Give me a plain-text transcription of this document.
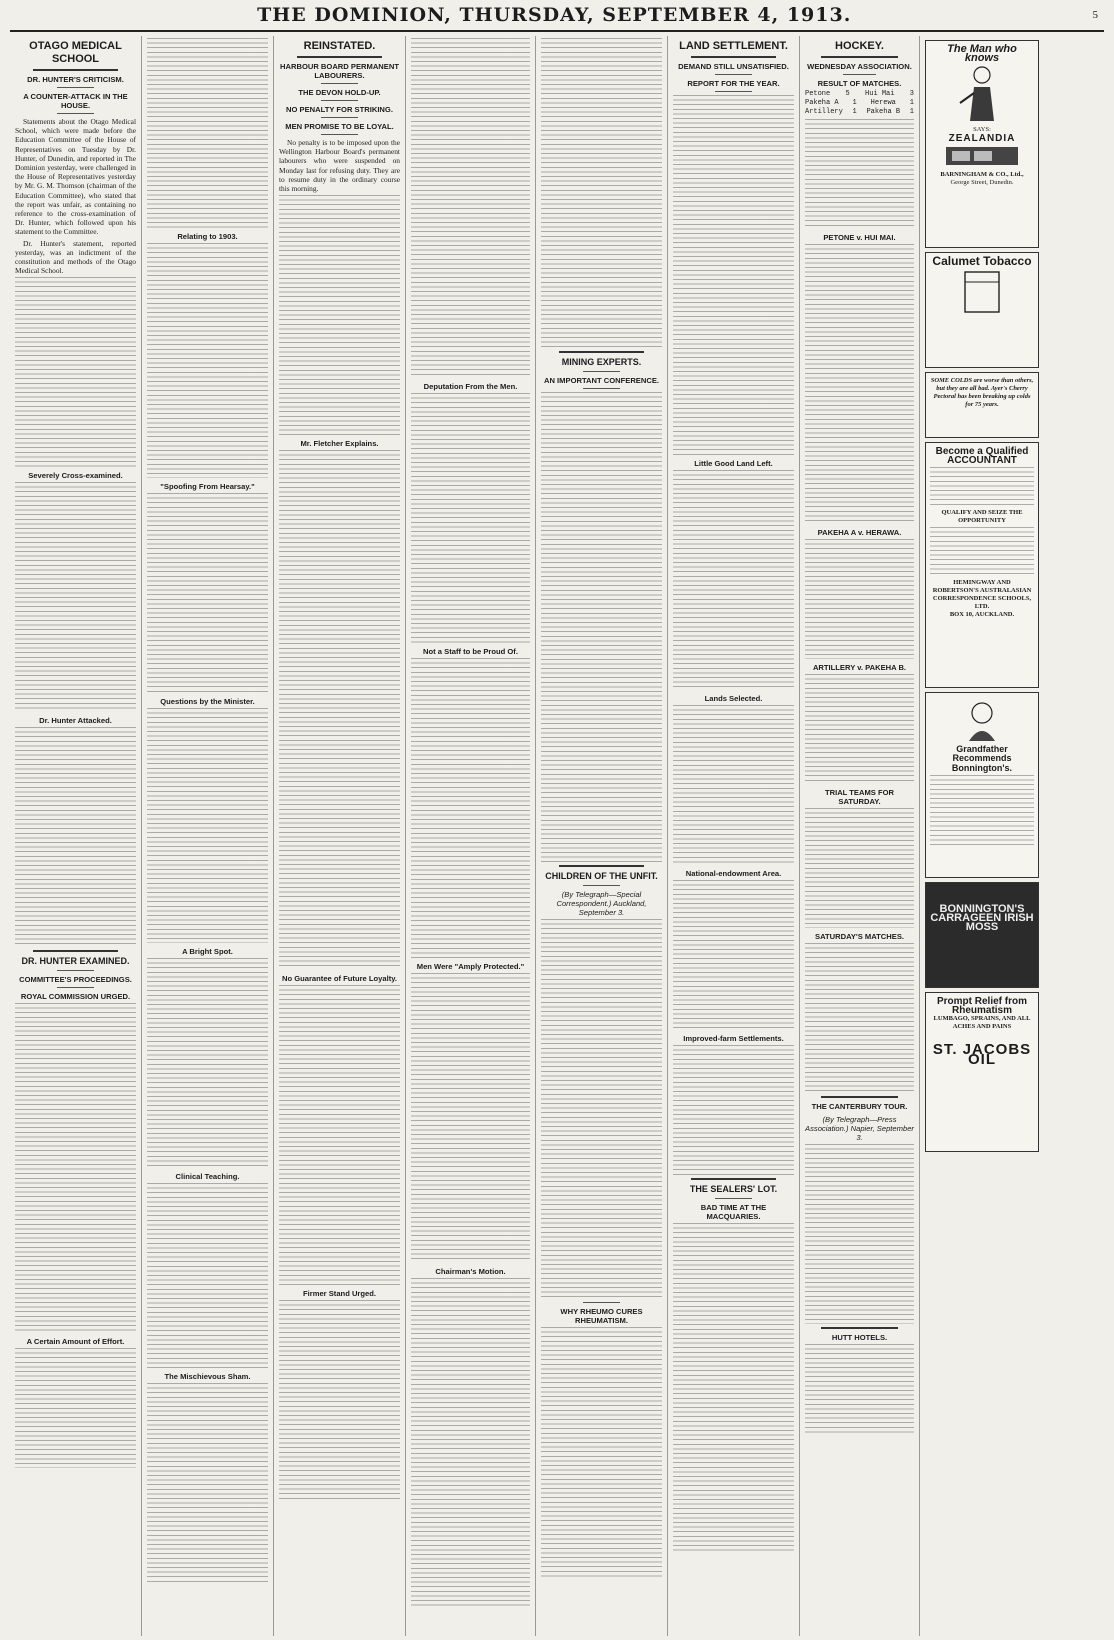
THE DOMINION, THURSDAY, SEPTEMBER 4, 1913.	5
OTAGO MEDICAL SCHOOL
DR. HUNTER'S CRITICISM.
A COUNTER-ATTACK IN THE HOUSE.

Statements about the Otago Medical School, which were made before the Education Committee of the House of Representatives on Tuesday by Dr. Hunter, of Dunedin, and reported in The Dominion yesterday, were challenged in the House of Representatives yesterday by Mr. G. M. Thomson (chairman of the Education Committee), who stated that the report was unfair, as containing no reference to the cross-examination of Dr. Hunter, which followed upon his statement to the Committee.

Dr. Hunter's statement, reported yesterday, was an indictment of the constitution and methods of the Otago Medical School.

Severely Cross-examined.
Dr. Hunter Attacked.
DR. HUNTER EXAMINED.
COMMITTEE'S PROCEEDINGS.
ROYAL COMMISSION URGED.
A Certain Amount of Effort.
Relating to 1903.
"Spoofing From Hearsay."
Questions by the Minister.
A Bright Spot.
Clinical Teaching.
The Mischievous Sham.
REINSTATED.
HARBOUR BOARD PERMANENT LABOURERS.
THE DEVON HOLD-UP.
NO PENALTY FOR STRIKING.
MEN PROMISE TO BE LOYAL.

No penalty is to be imposed upon the Wellington Harbour Board's permanent labourers who were suspended on Monday last for refusing duty. They are to resume duty in the ordinary course this morning.

Mr. Fletcher Explains.
No Guarantee of Future Loyalty.
Firmer Stand Urged.
Deputation From the Men.
Not a Staff to be Proud Of.
Men Were "Amply Protected."
Chairman's Motion.
MINING EXPERTS.
AN IMPORTANT CONFERENCE.
CHILDREN OF THE UNFIT.
(By Telegraph—Special Correspondent.) Auckland, September 3.
WHY RHEUMO CURES RHEUMATISM.
LAND SETTLEMENT.
DEMAND STILL UNSATISFIED.
REPORT FOR THE YEAR.
Little Good Land Left.
Lands Selected.
National-endowment Area.
Improved-farm Settlements.
THE SEALERS' LOT.
BAD TIME AT THE MACQUARIES.
HOCKEY.
WEDNESDAY ASSOCIATION.
RESULT OF MATCHES.
Petone 5 Hui Mai 3
Pakeha A 1 Herewa 1
Artillery 1 Pakeha B 1
PETONE v. HUI MAI.
PAKEHA A v. HERAWA.
ARTILLERY v. PAKEHA B.
TRIAL TEAMS FOR SATURDAY.
SATURDAY'S MATCHES.
THE CANTERBURY TOUR.
(By Telegraph—Press Association.) Napier, September 3.
HUTT HOTELS.
The Man who knows
SAYS:
ZEALANDIA
BARNINGHAM & CO., Ltd.,
George Street, Dunedin.
Calumet Tobacco
SOME COLDS are worse than others, but they are all bad. Ayer's Cherry Pectoral has been breaking up colds for 75 years.
Become a Qualified ACCOUNTANT
QUALIFY AND SEIZE THE OPPORTUNITY
HEMINGWAY AND ROBERTSON'S AUSTRALASIAN CORRESPONDENCE SCHOOLS, LTD.
BOX 10, AUCKLAND.
Grandfather Recommends Bonnington's.
BONNINGTON'S CARRAGEEN IRISH MOSS
Prompt Relief from Rheumatism
LUMBAGO, SPRAINS, AND ALL ACHES AND PAINS
ST. JACOBS OIL
